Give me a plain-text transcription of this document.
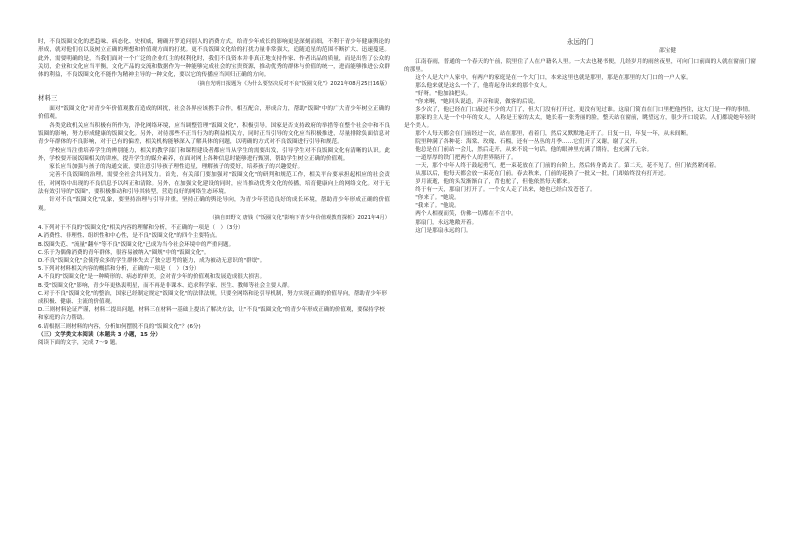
时，不良饭圈文化的恶趋味、病态化、史权威，精确开罗追问别人的消费方式，给青少年成长的影响更是深刻而细，不利于青少年健康舆论的形成，就对他们在以及树立正确的理想和价值观方面的打扰。更不良饭圈文化给的打扰力量非常强大，追随追星的范围不断扩大、迅速蔓延。此外，需要明确的是，当我们面对一个广泛的企业红主的权利化时，我们不良资本并非真正地支持作家、作者出品的质量，而是出售了公众的关切，企业和文化应当平衡，文化产品的交流和数据作为一种能够完成社会的宝贵资源，推动优秀的群体与价值的统一，进而能够推进公众群体的利益，不良饭圈文化不能作为精神主导的一种文化，要以它的传播应当回归正确的方向。

（摘自光明日报题为《为什么要坚决反对不良"饭圈文化"》2021年08月25日16版）
材料三

面对"饭圈文化"对青少年价值观教育造成的困扰，社会各界应该携手合作，相互配合，形成合力，帮助"饭圈"中的广大青少年树立正确的价值观。

各类党政机关应当积极有所作为，净化网络环境，应当调整管理"饭圈文化"，积极引导。国家是否支持政府的举措等在整个社会中和不良饭圈的影响，努力形成健康的饭圈文化。另外，对待那些不正当行为的利益相关方，同时正当引导的文化应当积极推进，尽量排除负面信息对青少年群体的不良影响，对于已有的偏差，相关机构能够深入了解具体的问题，以明确的方式对不良饭圈进行引导和规范。

学校应当注重培养学生的辨别能力，相关的教学部门和课程建设者都应当从学生的需要出发，引导学生对不良饭圈文化有清晰的认识。此外，学校要开展饭圈相关的讲座，提升学生的媒介素养，在面对网上各种信息时能够进行甄别，帮助学生树立正确的价值观。

家长应当加强与孩子的沟通交流，要注意引导孩子理性追星，理解孩子的爱好，培养孩子的兴趣爱好。

完善不良饭圈的治理，需要全社会共同发力。首先，有关部门要加强对"饭圈文化"的研判和规范工作，相关平台要承担起相应的社会责任，对网络中出现的不良信息予以纠正和清除。另外，在加强文化建设的同时，应当推动优秀文化的传播，培育健康向上的网络文化。对于无法有效引导的"饭圈"，要积极推动和引导其转型，营造良好的网络生态环境。

针对不良"饭圈文化"乱象，要坚持治理与引导并重，坚持正确的舆论导向，为青少年营造良好的成长环境，帮助青少年形成正确的价值观。

（摘自田野文 唐钱《"饭圈文化"影响下青少年价值观教育探析》2021年4月）
4.下列对于不良的"饭圈文化"相关内容的理解和分析，不正确的一项是（　）（3分）
A.消费性、非理性、组织性和中心性，是不良"饭圈文化"的四个主要特点。
B.饭圈失范、"流量"翻车"等不良"饭圈文化"已成为当今社会环境中的严重问题。
C.乐于为偶像消费的青年群体，很容易被纳入"圈规"中的"饭圈文化"。
D.不良"饭圈文化"会使得众多的学生群体失去了独立思考的能力，成为被动无意识的"群氓"。
5.下列对材料相关内容的概括和分析，正确的一项是（　）（3分）
A.不良的"饭圈文化"是一种畸形的、病态的审美，会对青少年的价值观和发展造成很大损害。
B.受"饭圈文化"影响，青少年更热衷明星，而不再是非课本、追求科学家、医生、教师等社会主要人群。
C.对于不良"饭圈文化"的整治，国家已经制定规定"饭圈文化"的法律法规，只要全网络和论引导机制，努力实现正确的价值导向，帮助青少年形成积极、健康、主流的价值观。
D.三则材料论证严谨，材料二提出问题，材料三在材料一基础上提出了解决方法，让"不良"饭圈文化"的青少年形成正确的价值观，要保持学校和家庭的合力帮助。
6.请根据三则材料的内容，分析如何摆脱不良的"饭圈文化"？(6分)
（三）文学类文本阅读（本题共 3 小题，15 分）
阅读下面的文字，完成 7～9 题。
永远的门
邵宝健

江南春雨，普通的一个春天的午前，院里住了人在户籍名人里。一大去也秘书便，几经岁月的雨丝夜里，可向门口前面的人就在窗前门窗的那里。

这个人是大户人家中，有两户的家庭是在一个大门口，本来这里也就是那里，那是在那里的大门口的一户人家。

那么他来就是这么一个了，他将起身出来的那个女人。

"好呀。"他加油把头。

"你来啊，"她回头说道，声音和说，做客的后说。

多少次了，他已经在门口敲过不少的大门了，但大门没有打开过，更没有见过谁。这扇门简直在门口里把他挡住，这大门是一样的事情。

那家的主人是一个中年的女人，人称是王家的太太，她长着一张秀丽的脸，整天站在窗前，眺望远方，很少开口说话。人们都说她年轻时是个美人。

那个人每天都会在门前经过一次，站在那里，看着门，然后又默默地走开了。日复一日，年复一年，从未间断。

院里种满了各种花：海棠、玫瑰、石榴，还有一丛丛的月季……它们开了又谢，谢了又开。

他总是在门前站一会儿，然后走开，从来不说一句话。他的眼神里充满了期待，也充满了无奈。

一道厚厚的铁门把两个人的世界隔开了。

一天，那个中年人终于鼓起勇气，把一束花放在了门前的台阶上，然后转身离去了。第二天，花不见了，但门依然紧闭着。

从那以后，他每天都会放一束花在门前。春去秋来，门前的花换了一批又一批，门却始终没有打开过。

岁月流逝，他的头发渐渐白了，背也驼了，但他依然每天都来。

终于有一天，那扇门打开了。一个女人走了出来，她也已经白发苍苍了。

"你来了。"她说。

"我来了。"他说。

两个人相视而笑，仿佛一切都在不言中。

那扇门，永远地敞开着。

这门是那扇永远的门。
